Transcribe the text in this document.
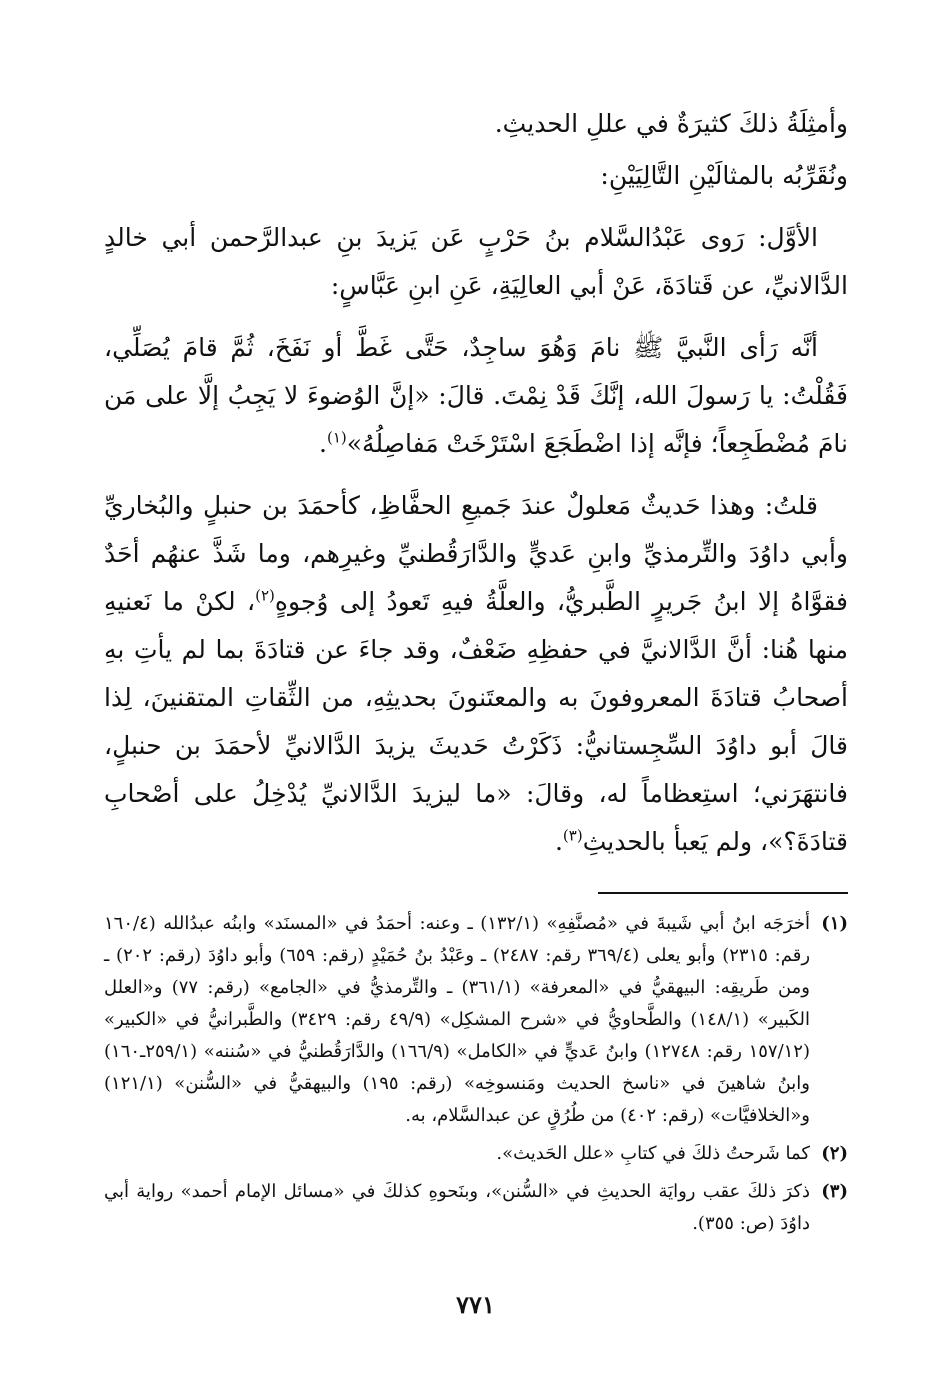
وأمثِلَةُ ذلكَ كثيرَةٌ في عللِ الحديثِ.

ونُقَرِّبُه بالمثالَيْنِ التَّالِيَيْنِ:

الأوَّل: رَوى عَبْدُالسَّلام بنُ حَرْبٍ عَن يَزيدَ بنِ عبدالرَّحمن أبي خالدٍ الدَّالانيِّ، عن قَتادَةَ، عَنْ أبي العالِيَةِ، عَنِ ابنِ عَبَّاسٍ:

أنَّه رَأى النَّبيَّ ﷺ نامَ وَهُوَ ساجِدٌ، حَتَّى غَطَّ أو نَفَخَ، ثُمَّ قامَ يُصَلِّي، فَقُلْتُ: يا رَسولَ الله، إنَّكَ قَدْ نِمْتَ. قالَ: «إنَّ الوُضوءَ لا يَجِبُ إلَّا على مَن نامَ مُضْطَجِعاً؛ فإنَّه إذا اضْطَجَعَ اسْتَرْخَتْ مَفاصِلُهُ»$^{(١)}$.

قلتُ: وهذا حَديثٌ مَعلولٌ عندَ جَميعِ الحفَّاظِ، كأحمَدَ بن حنبلٍ والبُخاريِّ وأبي داوُدَ والتِّرمذيِّ وابنِ عَديٍّ والدَّارَقُطنيِّ وغيرِهم، وما شَذَّ عنهُم أحَدٌ فقوَّاهُ إلا ابنُ جَريرٍ الطَّبريُّ، والعلَّةُ فيهِ تَعودُ إلى وُجوهٍ$^{(٢)}$، لكنْ ما نَعنيهِ منها هُنا: أنَّ الدَّالانيَّ في حفظِهِ ضَعْفٌ، وقد جاءَ عن قتادَةَ بما لم يأتِ بهِ أصحابُ قتادَةَ المعروفونَ به والمعتَنونَ بحديثِهِ، من الثِّقاتِ المتقنينَ، لِذا قالَ أبو داوُدَ السِّجِستانيُّ: ذَكَرْتُ حَديثَ يزيدَ الدَّالانيِّ لأحمَدَ بن حنبلٍ، فانتهَرَني؛ استِعظاماً له، وقالَ: «ما ليزيدَ الدَّالانيِّ يُدْخِلُ على أصْحابِ قتادَةَ؟»، ولم يَعبأ بالحديثِ$^{(٣)}$.

(١)
أخرَجَه ابنُ أبي شَيبةَ في «مُصنَّفِهِ» (١٣٢/١) ـ وعنه: أحمَدُ في «المسنَد» وابنُه عبدُالله (١٦٠/٤ رقم: ٢٣١٥) وأبو يعلى (٣٦٩/٤ رقم: ٢٤٨٧) ـ وعَبْدُ بنُ حُمَيْدٍ (رقم: ٦٥٩) وأبو داوُدَ (رقم: ٢٠٢) ـ ومن طَريقِه: البيهقيُّ في «المعرفة» (٣٦١/١) ـ والتِّرمذيُّ في «الجامع» (رقم: ٧٧) و«العلل الكَبير» (١٤٨/١) والطَّحاويُّ في «شرح المشكِل» (٤٩/٩ رقم: ٣٤٢٩) والطَّبرانيُّ في «الكبير» (١٥٧/١٢ رقم: ١٢٧٤٨) وابنُ عَديٍّ في «الكامل» (١٦٦/٩) والدَّارَقُطنيُّ في «سُننه» (٢٥٩/١ـ١٦٠) وابنُ شاهينَ في «ناسخ الحديث ومَنسوخِه» (رقم: ١٩٥) والبيهقيُّ في «السُّنن» (١٢١/١) و«الخلافيَّات» (رقم: ٤٠٢) من طُرُقٍ عن عبدالسَّلام، به.
(٢)
كما شَرحتُ ذلكَ في كتابِ «علل الحَديث».
(٣)
ذكرَ ذلكَ عقب روايَة الحديثِ في «السُّنن»، وبنَحوهِ كذلكَ في «مسائل الإمام أحمد» رواية أبي داوُدَ (ص: ٣٥٥).
٧٧١
